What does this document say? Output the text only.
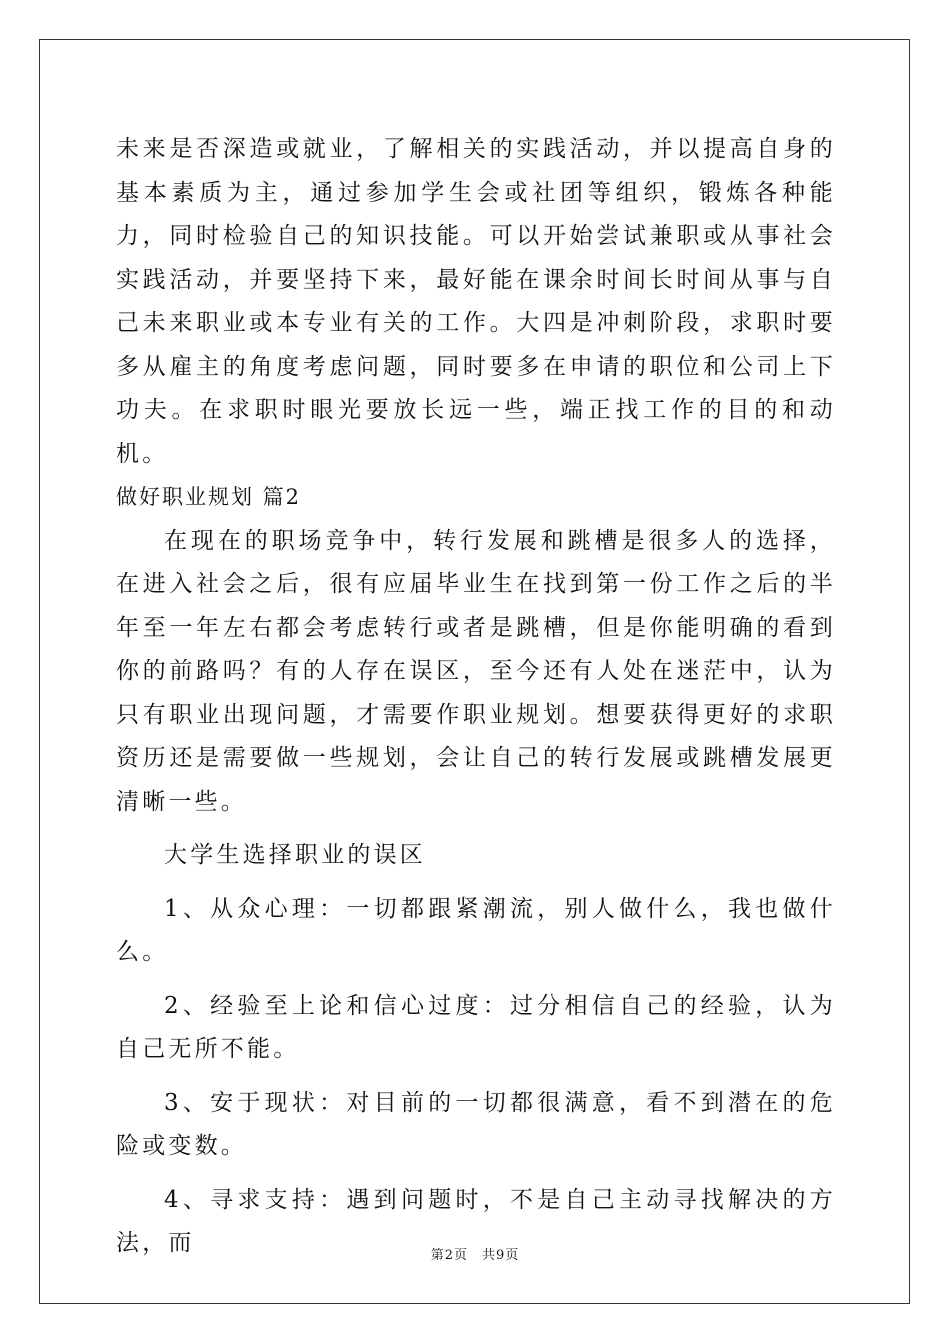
未来是否深造或就业，了解相关的实践活动，并以提高自身的基本素质为主，通过参加学生会或社团等组织，锻炼各种能力，同时检验自己的知识技能。可以开始尝试兼职或从事社会实践活动，并要坚持下来，最好能在课余时间长时间从事与自己未来职业或本专业有关的工作。大四是冲刺阶段，求职时要多从雇主的角度考虑问题，同时要多在申请的职位和公司上下功夫。在求职时眼光要放长远一些，端正找工作的目的和动机。

做好职业规划 篇2

在现在的职场竞争中，转行发展和跳槽是很多人的选择，在进入社会之后，很有应届毕业生在找到第一份工作之后的半年至一年左右都会考虑转行或者是跳槽，但是你能明确的看到你的前路吗？有的人存在误区，至今还有人处在迷茫中，认为只有职业出现问题，才需要作职业规划。想要获得更好的求职资历还是需要做一些规划，会让自己的转行发展或跳槽发展更清晰一些。

大学生选择职业的误区

1、从众心理：一切都跟紧潮流，别人做什么，我也做什么。

2、经验至上论和信心过度：过分相信自己的经验，认为自己无所不能。

3、安于现状：对目前的一切都很满意，看不到潜在的危险或变数。

4、寻求支持：遇到问题时，不是自己主动寻找解决的方法，而	第2页　共9页
